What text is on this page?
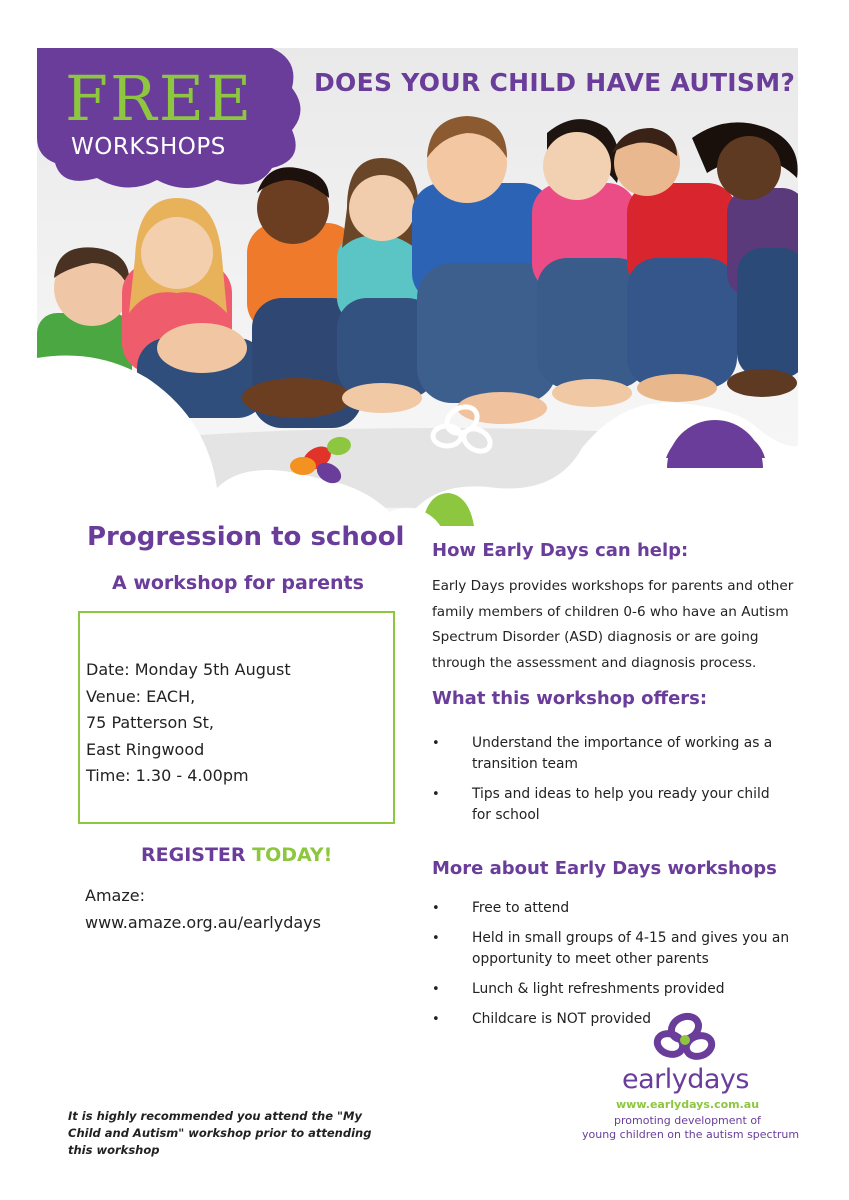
FREE
WORKSHOPS
DOES YOUR CHILD HAVE AUTISM?
Progression to school
A workshop for parents
Date: Monday 5th August
Venue: EACH,
75 Patterson St,
East Ringwood
Time: 1.30 - 4.00pm
REGISTER TODAY!
Amaze:
www.amaze.org.au/earlydays
It is highly recommended you attend the "My Child and Autism" workshop prior to attending this workshop
How Early Days can help:
Early Days provides workshops for parents and other family members of children 0-6 who have an Autism Spectrum Disorder (ASD) diagnosis or are going through the assessment and diagnosis process.
What this workshop offers:
• Understand the importance of working as a transition team
• Tips and ideas to help you ready your child for school
More about Early Days workshops
• Free to attend
• Held in small groups of 4-15 and gives you an opportunity to meet other parents
• Lunch & light refreshments provided
• Childcare is NOT provided
earlydays
www.earlydays.com.au
promoting development of
young children on the autism spectrum
